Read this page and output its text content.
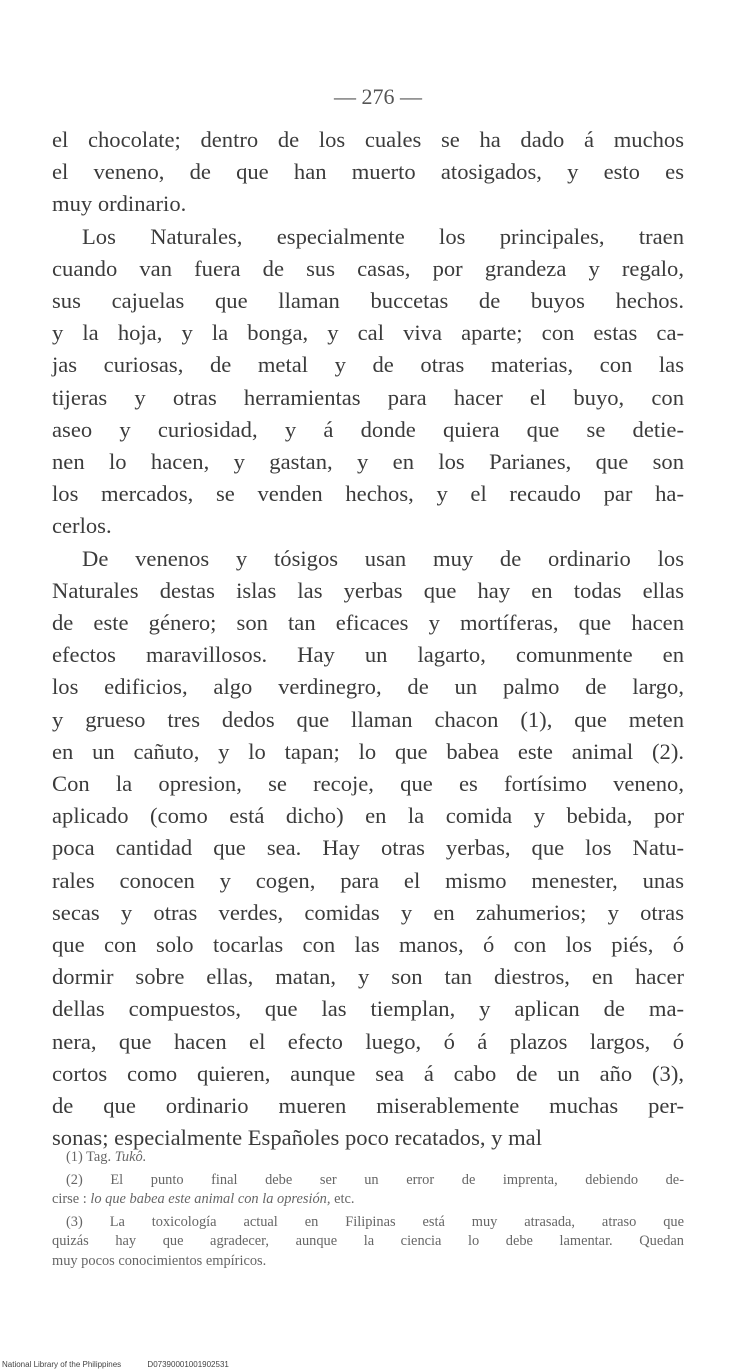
— 276 —
el chocolate; dentro de los cuales se ha dado á muchos
el veneno, de que han muerto atosigados, y esto es
muy ordinario.
Los Naturales, especialmente los principales, traen
cuando van fuera de sus casas, por grandeza y regalo,
sus cajuelas que llaman buccetas de buyos hechos.
y la hoja, y la bonga, y cal viva aparte; con estas ca-
jas curiosas, de metal y de otras materias, con las
tijeras y otras herramientas para hacer el buyo, con
aseo y curiosidad, y á donde quiera que se detie-
nen lo hacen, y gastan, y en los Parianes, que son
los mercados, se venden hechos, y el recaudo par ha-
cerlos.
De venenos y tósigos usan muy de ordinario los
Naturales destas islas las yerbas que hay en todas ellas
de este género; son tan eficaces y mortíferas, que hacen
efectos maravillosos. Hay un lagarto, comunmente en
los edificios, algo verdinegro, de un palmo de largo,
y grueso tres dedos que llaman chacon (1), que meten
en un cañuto, y lo tapan; lo que babea este animal (2).
Con la opresion, se recoje, que es fortísimo veneno,
aplicado (como está dicho) en la comida y bebida, por
poca cantidad que sea. Hay otras yerbas, que los Natu-
rales conocen y cogen, para el mismo menester, unas
secas y otras verdes, comidas y en zahumerios; y otras
que con solo tocarlas con las manos, ó con los piés, ó
dormir sobre ellas, matan, y son tan diestros, en hacer
dellas compuestos, que las tiemplan, y aplican de ma-
nera, que hacen el efecto luego, ó á plazos largos, ó
cortos como quieren, aunque sea á cabo de un año (3),
de que ordinario mueren miserablemente muchas per-
sonas; especialmente Españoles poco recatados, y mal
(1) Tag. Tukô.
(2) El punto final debe ser un error de imprenta, debiendo de-
cirse : lo que babea este animal con la opresión, etc.
(3) La toxicología actual en Filipinas está muy atrasada, atraso que
quizás hay que agradecer, aunque la ciencia lo debe lamentar. Quedan
muy pocos conocimientos empíricos.
National Library of the Philippines	D07390001001902531
